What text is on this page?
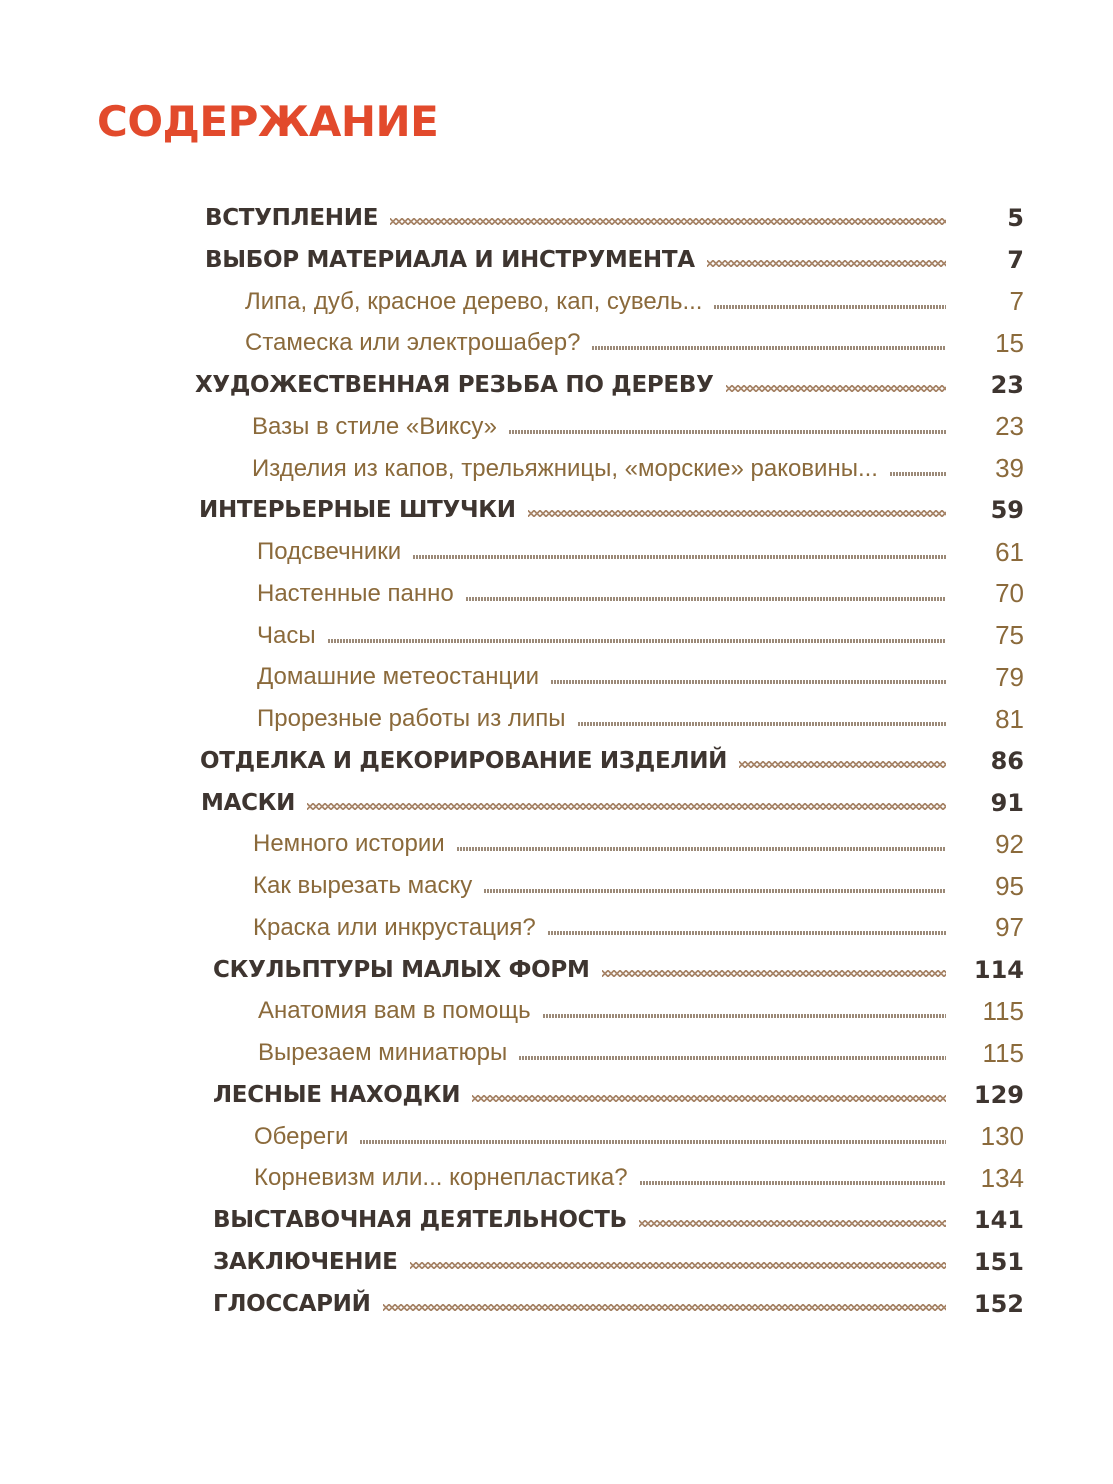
СОДЕРЖАНИЕ
ВСТУПЛЕНИЕ	5
ВЫБОР МАТЕРИАЛА И ИНСТРУМЕНТА	7
Липа, дуб, красное дерево, кап, сувель...	7
Стамеска или электрошабер?	15
ХУДОЖЕСТВЕННАЯ РЕЗЬБА ПО ДЕРЕВУ	23
Вазы в стиле «Виксу»	23
Изделия из капов, трельяжницы, «морские» раковины...	39
ИНТЕРЬЕРНЫЕ ШТУЧКИ	59
Подсвечники	61
Настенные панно	70
Часы	75
Домашние метеостанции	79
Прорезные работы из липы	81
ОТДЕЛКА И ДЕКОРИРОВАНИЕ ИЗДЕЛИЙ	86
МАСКИ	91
Немного истории	92
Как вырезать маску	95
Краска или инкрустация?	97
СКУЛЬПТУРЫ МАЛЫХ ФОРМ	114
Анатомия вам в помощь	115
Вырезаем миниатюры	115
ЛЕСНЫЕ НАХОДКИ	129
Обереги	130
Корневизм или... корнепластика?	134
ВЫСТАВОЧНАЯ ДЕЯТЕЛЬНОСТЬ	141
ЗАКЛЮЧЕНИЕ	151
ГЛОССАРИЙ	152
